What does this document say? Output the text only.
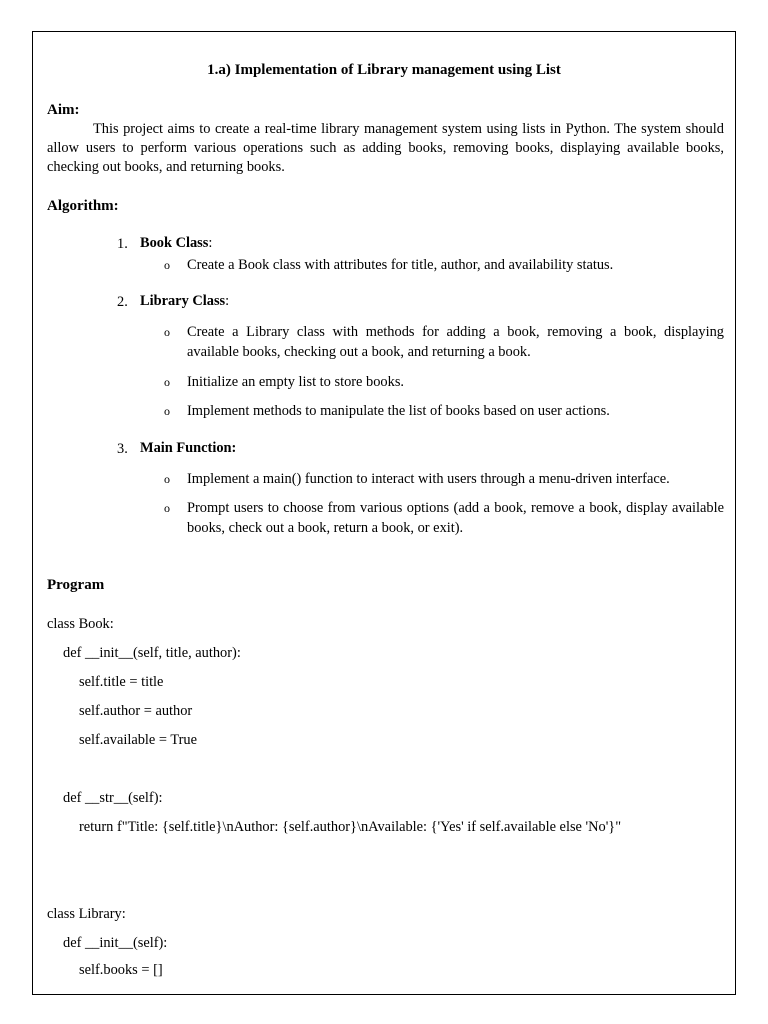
1.a) Implementation of Library management using List
Aim:

This project aims to create a real-time library management system using lists in Python. The system should allow users to perform various operations such as adding books, removing books, displaying available books, checking out books, and returning books.

Algorithm:
1. Book Class:
o Create a Book class with attributes for title, author, and availability status.
2. Library Class:
o Create a Library class with methods for adding a book, removing a book, displaying available books, checking out a book, and returning a book.
o Initialize an empty list to store books.
o Implement methods to manipulate the list of books based on user actions.
3. Main Function:
o Implement a main() function to interact with users through a menu-driven interface.
o Prompt users to choose from various options (add a book, remove a book, display available books, check out a book, return a book, or exit).
Program
class Book:
def __init__(self, title, author):
self.title = title
self.author = author
self.available = True
def __str__(self):
return f"Title: {self.title}\nAuthor: {self.author}\nAvailable: {'Yes' if self.available else 'No'}"
class Library:
def __init__(self):
self.books = []
